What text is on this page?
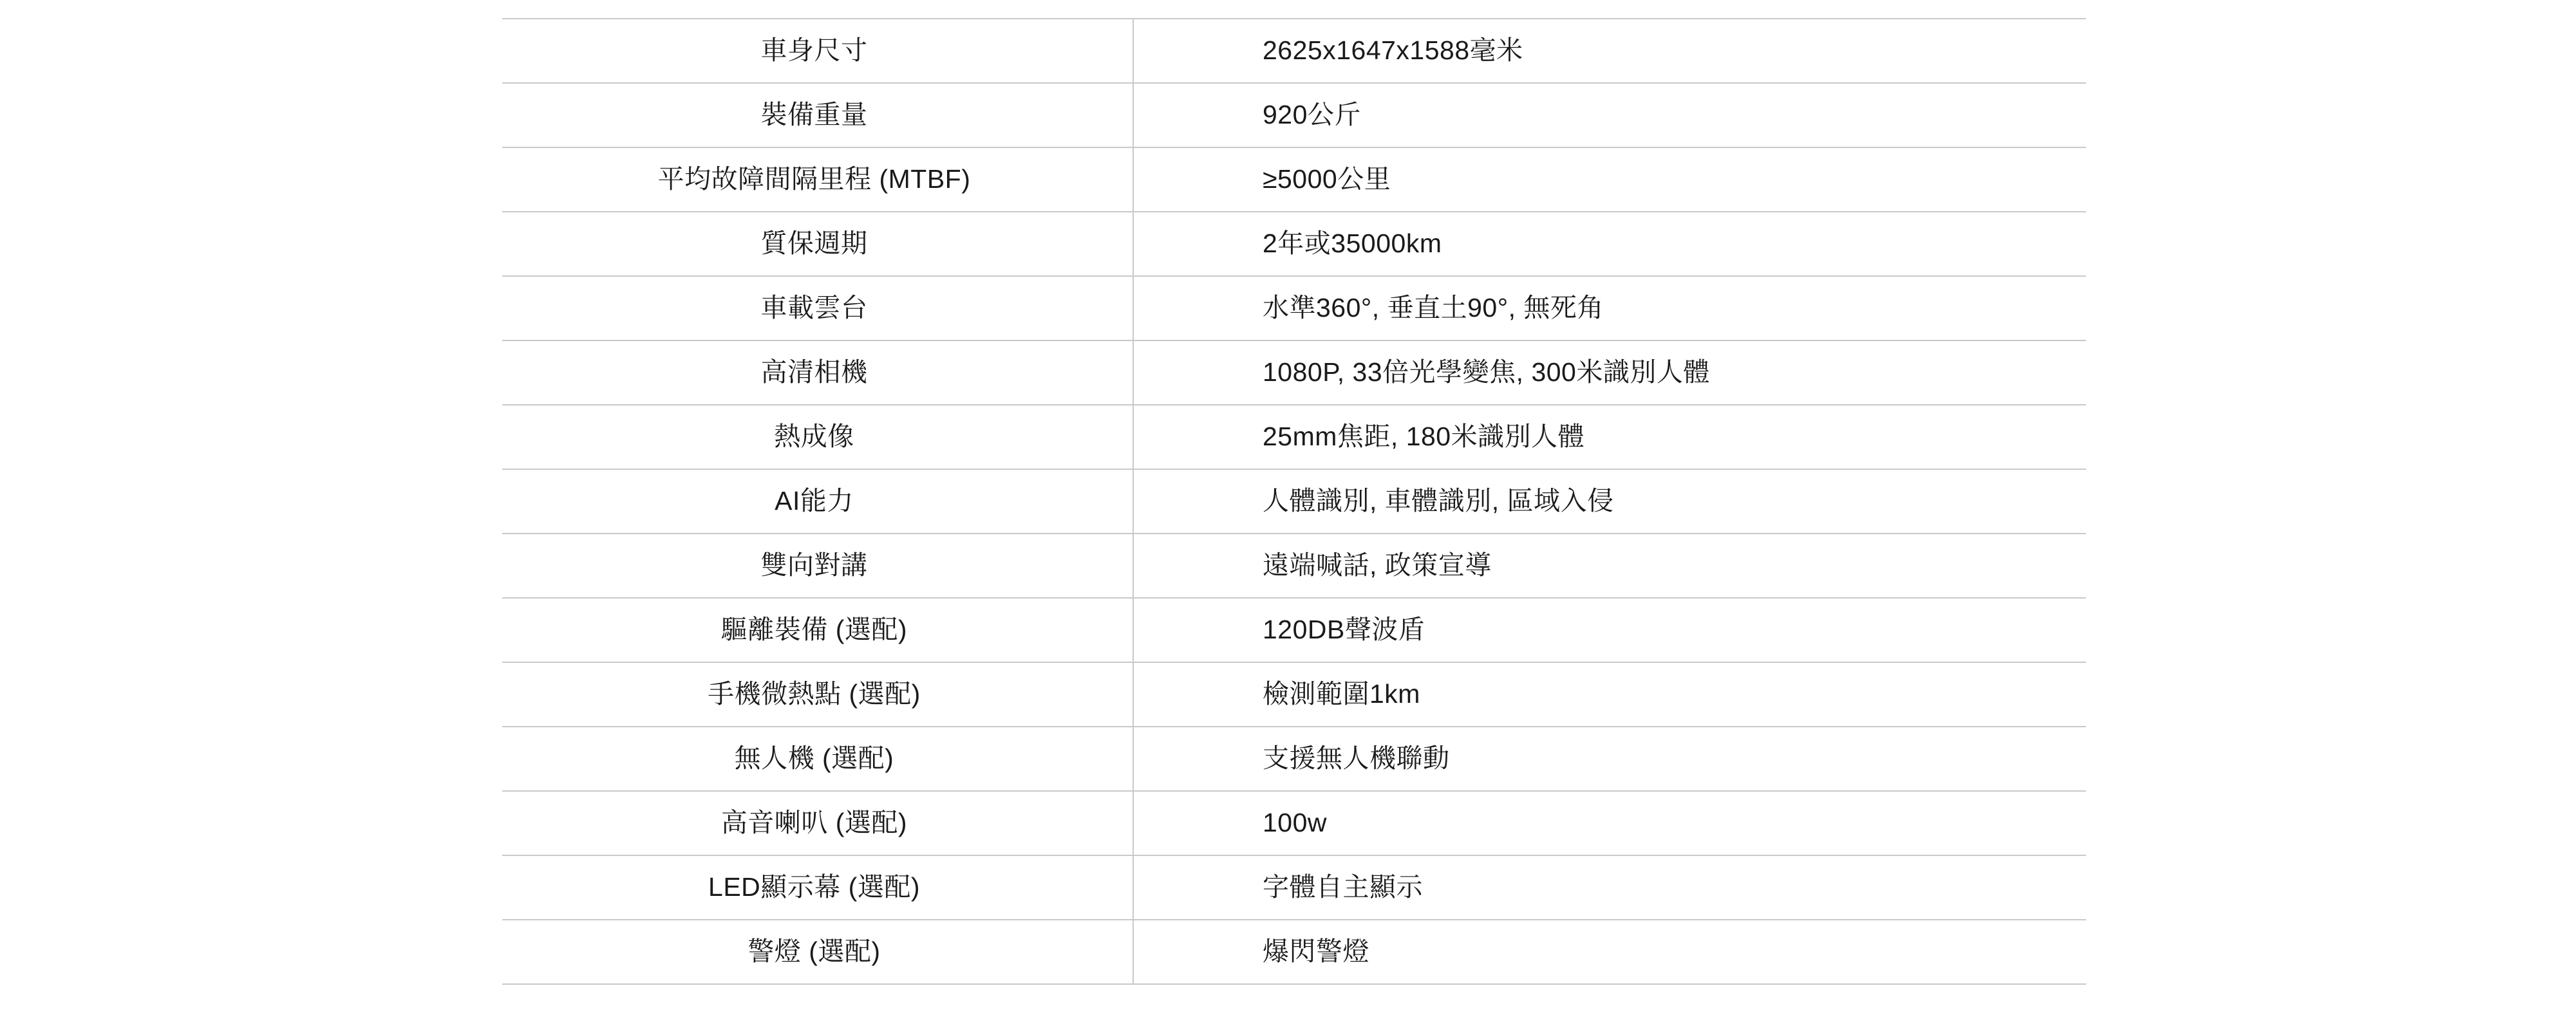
車身尺寸	2625x1647x1588毫米
裝備重量	920公斤
平均故障間隔里程 (MTBF)	≥5000公里
質保週期	2年或35000km
車載雲台	水準360°, 垂直土90°, 無死角
高清相機	1080P, 33倍光學變焦, 300米識別人體
熱成像	25mm焦距, 180米識別人體
AI能力	人體識別, 車體識別, 區域入侵
雙向對講	遠端喊話, 政策宣導
驅離裝備 (選配)	120DB聲波盾
手機微熱點 (選配)	檢測範圍1km
無人機 (選配)	支援無人機聯動
高音喇叭 (選配)	100w
LED顯示幕 (選配)	字體自主顯示
警燈 (選配)	爆閃警燈
